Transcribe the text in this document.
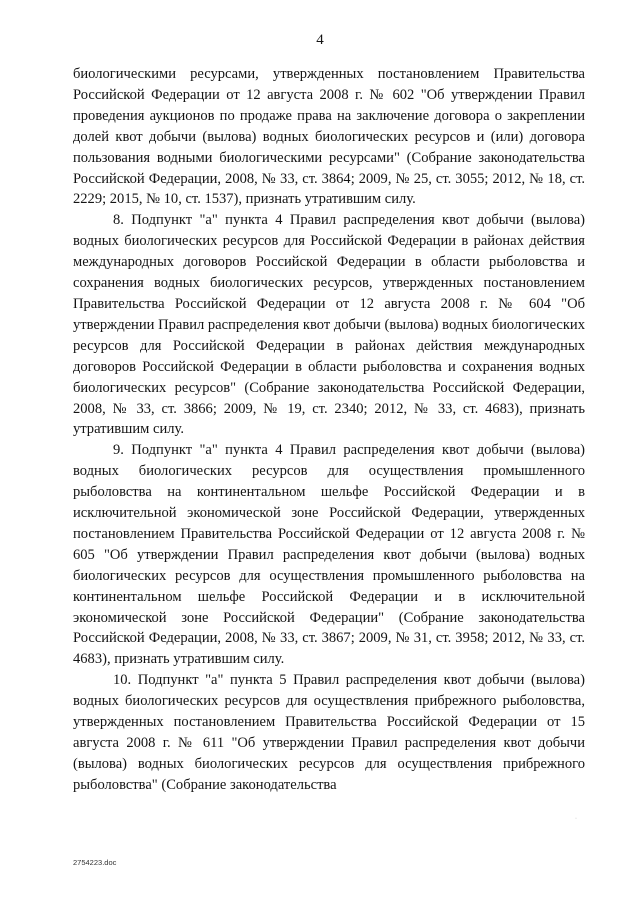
4

биологическими ресурсами, утвержденных постановлением Правительства Российской Федерации от 12 августа 2008 г. № 602 "Об утверждении Правил проведения аукционов по продаже права на заключение договора о закреплении долей квот добычи (вылова) водных биологических ресурсов и (или) договора пользования водными биологическими ресурсами" (Собрание законодательства Российской Федерации, 2008, № 33, ст. 3864; 2009, № 25, ст. 3055; 2012, № 18, ст. 2229; 2015, № 10, ст. 1537), признать утратившим силу.

8. Подпункт "а" пункта 4 Правил распределения квот добычи (вылова) водных биологических ресурсов для Российской Федерации в районах действия международных договоров Российской Федерации в области рыболовства и сохранения водных биологических ресурсов, утвержденных постановлением Правительства Российской Федерации от 12 августа 2008 г. № 604 "Об утверждении Правил распределения квот добычи (вылова) водных биологических ресурсов для Российской Федерации в районах действия международных договоров Российской Федерации в области рыболовства и сохранения водных биологических ресурсов" (Собрание законодательства Российской Федерации, 2008, № 33, ст. 3866; 2009, № 19, ст. 2340; 2012, № 33, ст. 4683), признать утратившим силу.

9. Подпункт "а" пункта 4 Правил распределения квот добычи (вылова) водных биологических ресурсов для осуществления промышленного рыболовства на континентальном шельфе Российской Федерации и в исключительной экономической зоне Российской Федерации, утвержденных постановлением Правительства Российской Федерации от 12 августа 2008 г. № 605 "Об утверждении Правил распределения квот добычи (вылова) водных биологических ресурсов для осуществления промышленного рыболовства на континентальном шельфе Российской Федерации и в исключительной экономической зоне Российской Федерации" (Собрание законодательства Российской Федерации, 2008, № 33, ст. 3867; 2009, № 31, ст. 3958; 2012, № 33, ст. 4683), признать утратившим силу.

10. Подпункт "а" пункта 5 Правил распределения квот добычи (вылова) водных биологических ресурсов для осуществления прибрежного рыболовства, утвержденных постановлением Правительства Российской Федерации от 15 августа 2008 г. № 611 "Об утверждении Правил распределения квот добычи (вылова) водных биологических ресурсов для осуществления прибрежного рыболовства" (Собрание законодательства

·
2754223.doc
